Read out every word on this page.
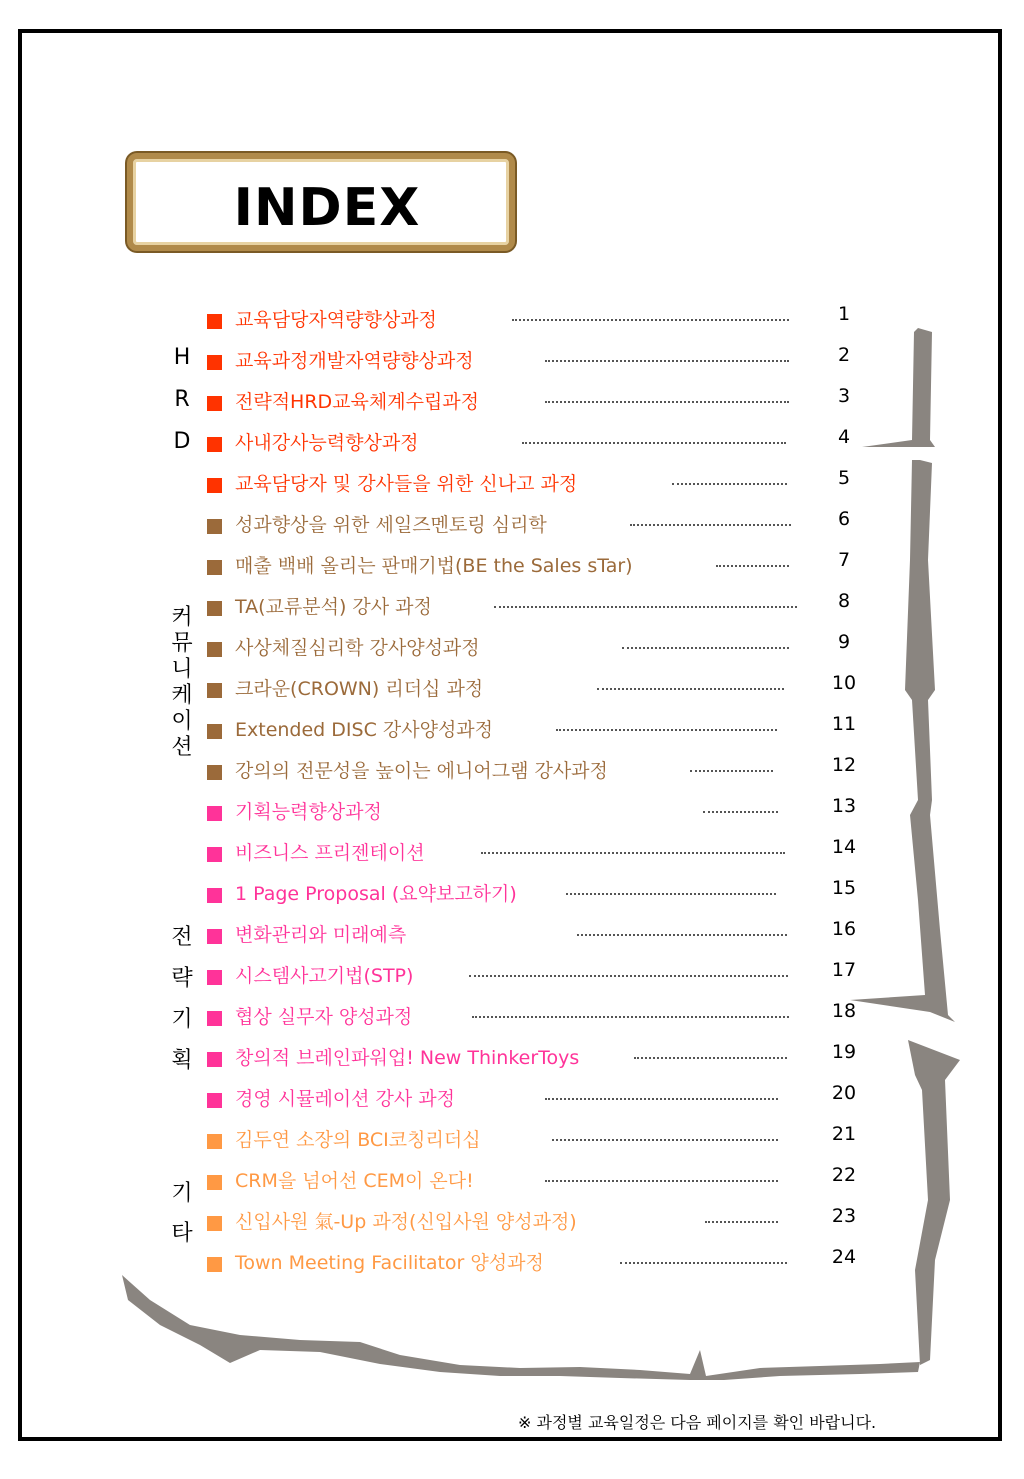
INDEX
H
R
D
커
뮤
니
케
이
션
전
략
기
획
기
타
교육담당자역량향상과정	1
교육과정개발자역량향상과정	2
전략적HRD교육체계수립과정	3
사내강사능력향상과정	4
교육담당자 및 강사들을 위한 신나고 과정	5
성과향상을 위한 세일즈멘토링 심리학	6
매출 백배 올리는 판매기법(BE the Sales sTar)	7
TA(교류분석) 강사 과정	8
사상체질심리학 강사양성과정	9
크라운(CROWN) 리더십 과정	10
Extended DISC 강사양성과정	11
강의의 전문성을 높이는 에니어그램 강사과정	12
기획능력향상과정	13
비즈니스 프리젠테이션	14
1 Page Proposal (요약보고하기)	15
변화관리와 미래예측	16
시스템사고기법(STP)	17
협상 실무자 양성과정	18
창의적 브레인파워업! New ThinkerToys	19
경영 시뮬레이션 강사 과정	20
김두연 소장의 BCI코칭리더십	21
CRM을 넘어선 CEM이 온다!	22
신입사원 氣-Up 과정(신입사원 양성과정)	23
Town Meeting Facilitator 양성과정	24
※ 과정별 교육일정은 다음 페이지를 확인 바랍니다.
